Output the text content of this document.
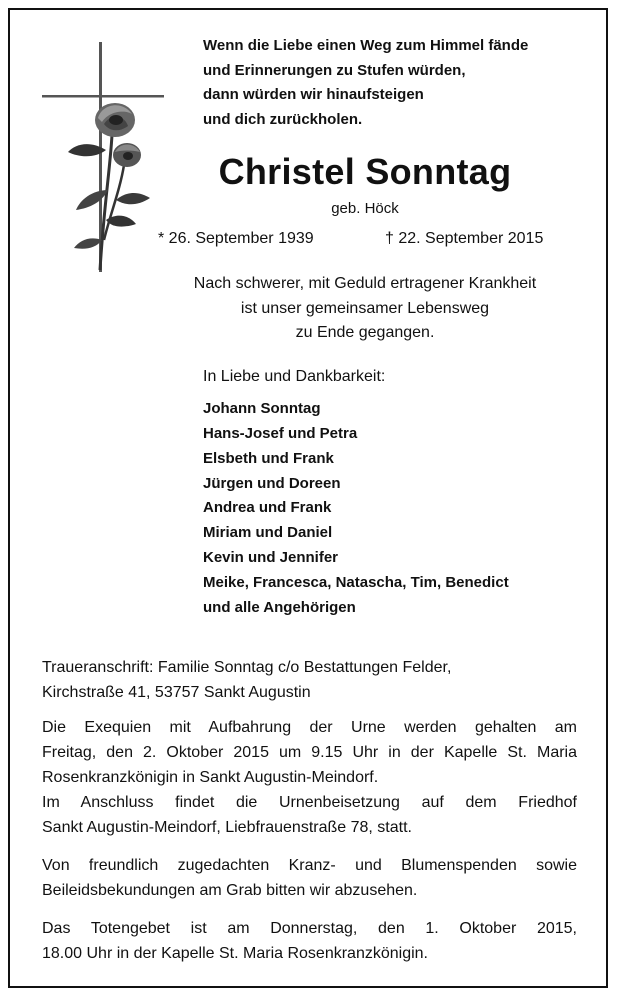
Wenn die Liebe einen Weg zum Himmel fände
und Erinnerungen zu Stufen würden,
dann würden wir hinaufsteigen
und dich zurückholen.
Christel Sonntag
geb. Höck
* 26. September 1939	† 22. September 2015
Nach schwerer, mit Geduld ertragener Krankheit
ist unser gemeinsamer Lebensweg
zu Ende gegangen.
In Liebe und Dankbarkeit:
Johann Sonntag
Hans-Josef und Petra
Elsbeth und Frank
Jürgen und Doreen
Andrea und Frank
Miriam und Daniel
Kevin und Jennifer
Meike, Francesca, Natascha, Tim, Benedict
und alle Angehörigen
Traueranschrift: Familie Sonntag c/o Bestattungen Felder,
Kirchstraße 41, 53757 Sankt Augustin
Die Exequien mit Aufbahrung der Urne werden gehalten am
Freitag, den 2. Oktober 2015 um 9.15 Uhr in der Kapelle St. Maria
Rosenkranzkönigin in Sankt Augustin-Meindorf.
Im Anschluss findet die Urnenbeisetzung auf dem Friedhof
Sankt Augustin-Meindorf, Liebfrauenstraße 78, statt.
Von freundlich zugedachten Kranz- und Blumenspenden sowie
Beileidsbekundungen am Grab bitten wir abzusehen.
Das Totengebet ist am Donnerstag, den 1. Oktober 2015,
18.00 Uhr in der Kapelle St. Maria Rosenkranzkönigin.
